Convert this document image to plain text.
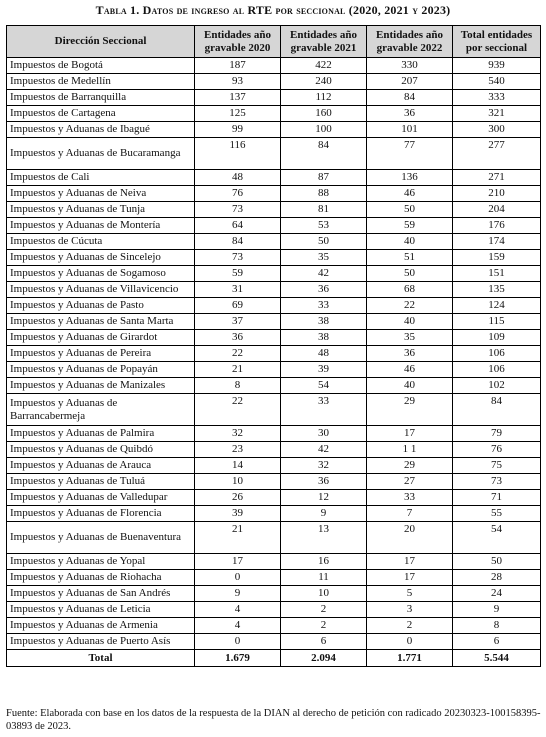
Tabla 1. Datos de ingreso al RTE por seccional (2020, 2021 y 2023)
Dirección Seccional	Entidades año gravable 2020	Entidades año gravable 2021	Entidades año gravable 2022	Total entidades por seccional
Impuestos de Bogotá	187	422	330	939
Impuestos de Medellín	93	240	207	540
Impuestos de Barranquilla	137	112	84	333
Impuestos de Cartagena	125	160	36	321
Impuestos y Aduanas de Ibagué	99	100	101	300
Impuestos y Aduanas de Bucaramanga	116	84	77	277
Impuestos de Cali	48	87	136	271
Impuestos y Aduanas de Neiva	76	88	46	210
Impuestos y Aduanas de Tunja	73	81	50	204
Impuestos y Aduanas de Montería	64	53	59	176
Impuestos de Cúcuta	84	50	40	174
Impuestos y Aduanas de Sincelejo	73	35	51	159
Impuestos y Aduanas de Sogamoso	59	42	50	151
Impuestos y Aduanas de Villavicencio	31	36	68	135
Impuestos y Aduanas de Pasto	69	33	22	124
Impuestos y Aduanas de Santa Marta	37	38	40	115
Impuestos y Aduanas de Girardot	36	38	35	109
Impuestos y Aduanas de Pereira	22	48	36	106
Impuestos y Aduanas de Popayán	21	39	46	106
Impuestos y Aduanas de Manizales	8	54	40	102
Impuestos y Aduanas de Barrancabermeja	22	33	29	84
Impuestos y Aduanas de Palmira	32	30	17	79
Impuestos y Aduanas de Quibdó	23	42	1 1	76
Impuestos y Aduanas de Arauca	14	32	29	75
Impuestos y Aduanas de Tuluá	10	36	27	73
Impuestos y Aduanas de Valledupar	26	12	33	71
Impuestos y Aduanas de Florencia	39	9	7	55
Impuestos y Aduanas de Buenaventura	21	13	20	54
Impuestos y Aduanas de Yopal	17	16	17	50
Impuestos y Aduanas de Riohacha	0	11	17	28
Impuestos y Aduanas de San Andrés	9	10	5	24
Impuestos y Aduanas de Leticia	4	2	3	9
Impuestos y Aduanas de Armenia	4	2	2	8
Impuestos y Aduanas de Puerto Asís	0	6	0	6
Total	1.679	2.094	1.771	5.544
Fuente: Elaborada con base en los datos de la respuesta de la DIAN al derecho de petición con radicado 20230323-100158395-03893 de 2023.
